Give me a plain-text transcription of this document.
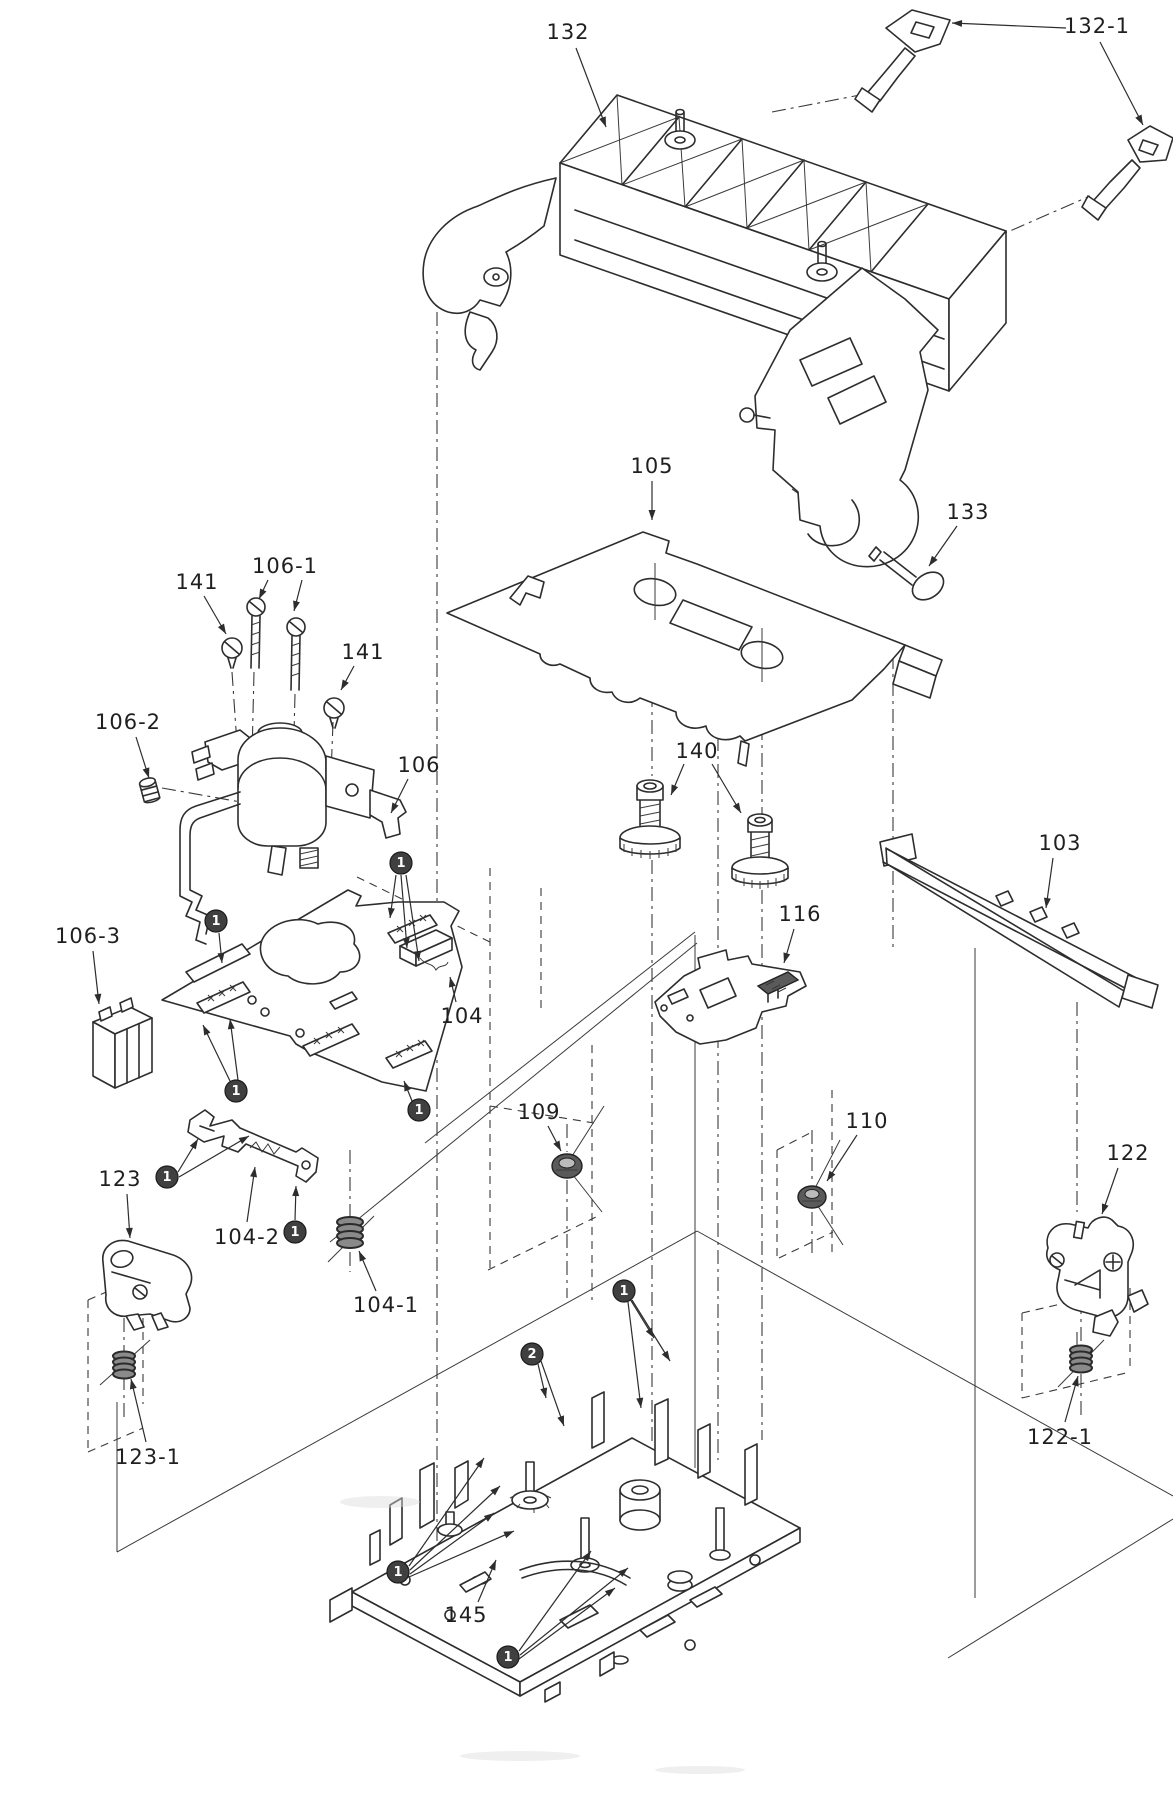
132	132-1
105
133
141
106-1
141
106-2
106
106-3
104
140
103
116
109	110
122
123
104-2
104-1
123-1
122-1
145
1
1
1
1
1
1
2
1
1
1
